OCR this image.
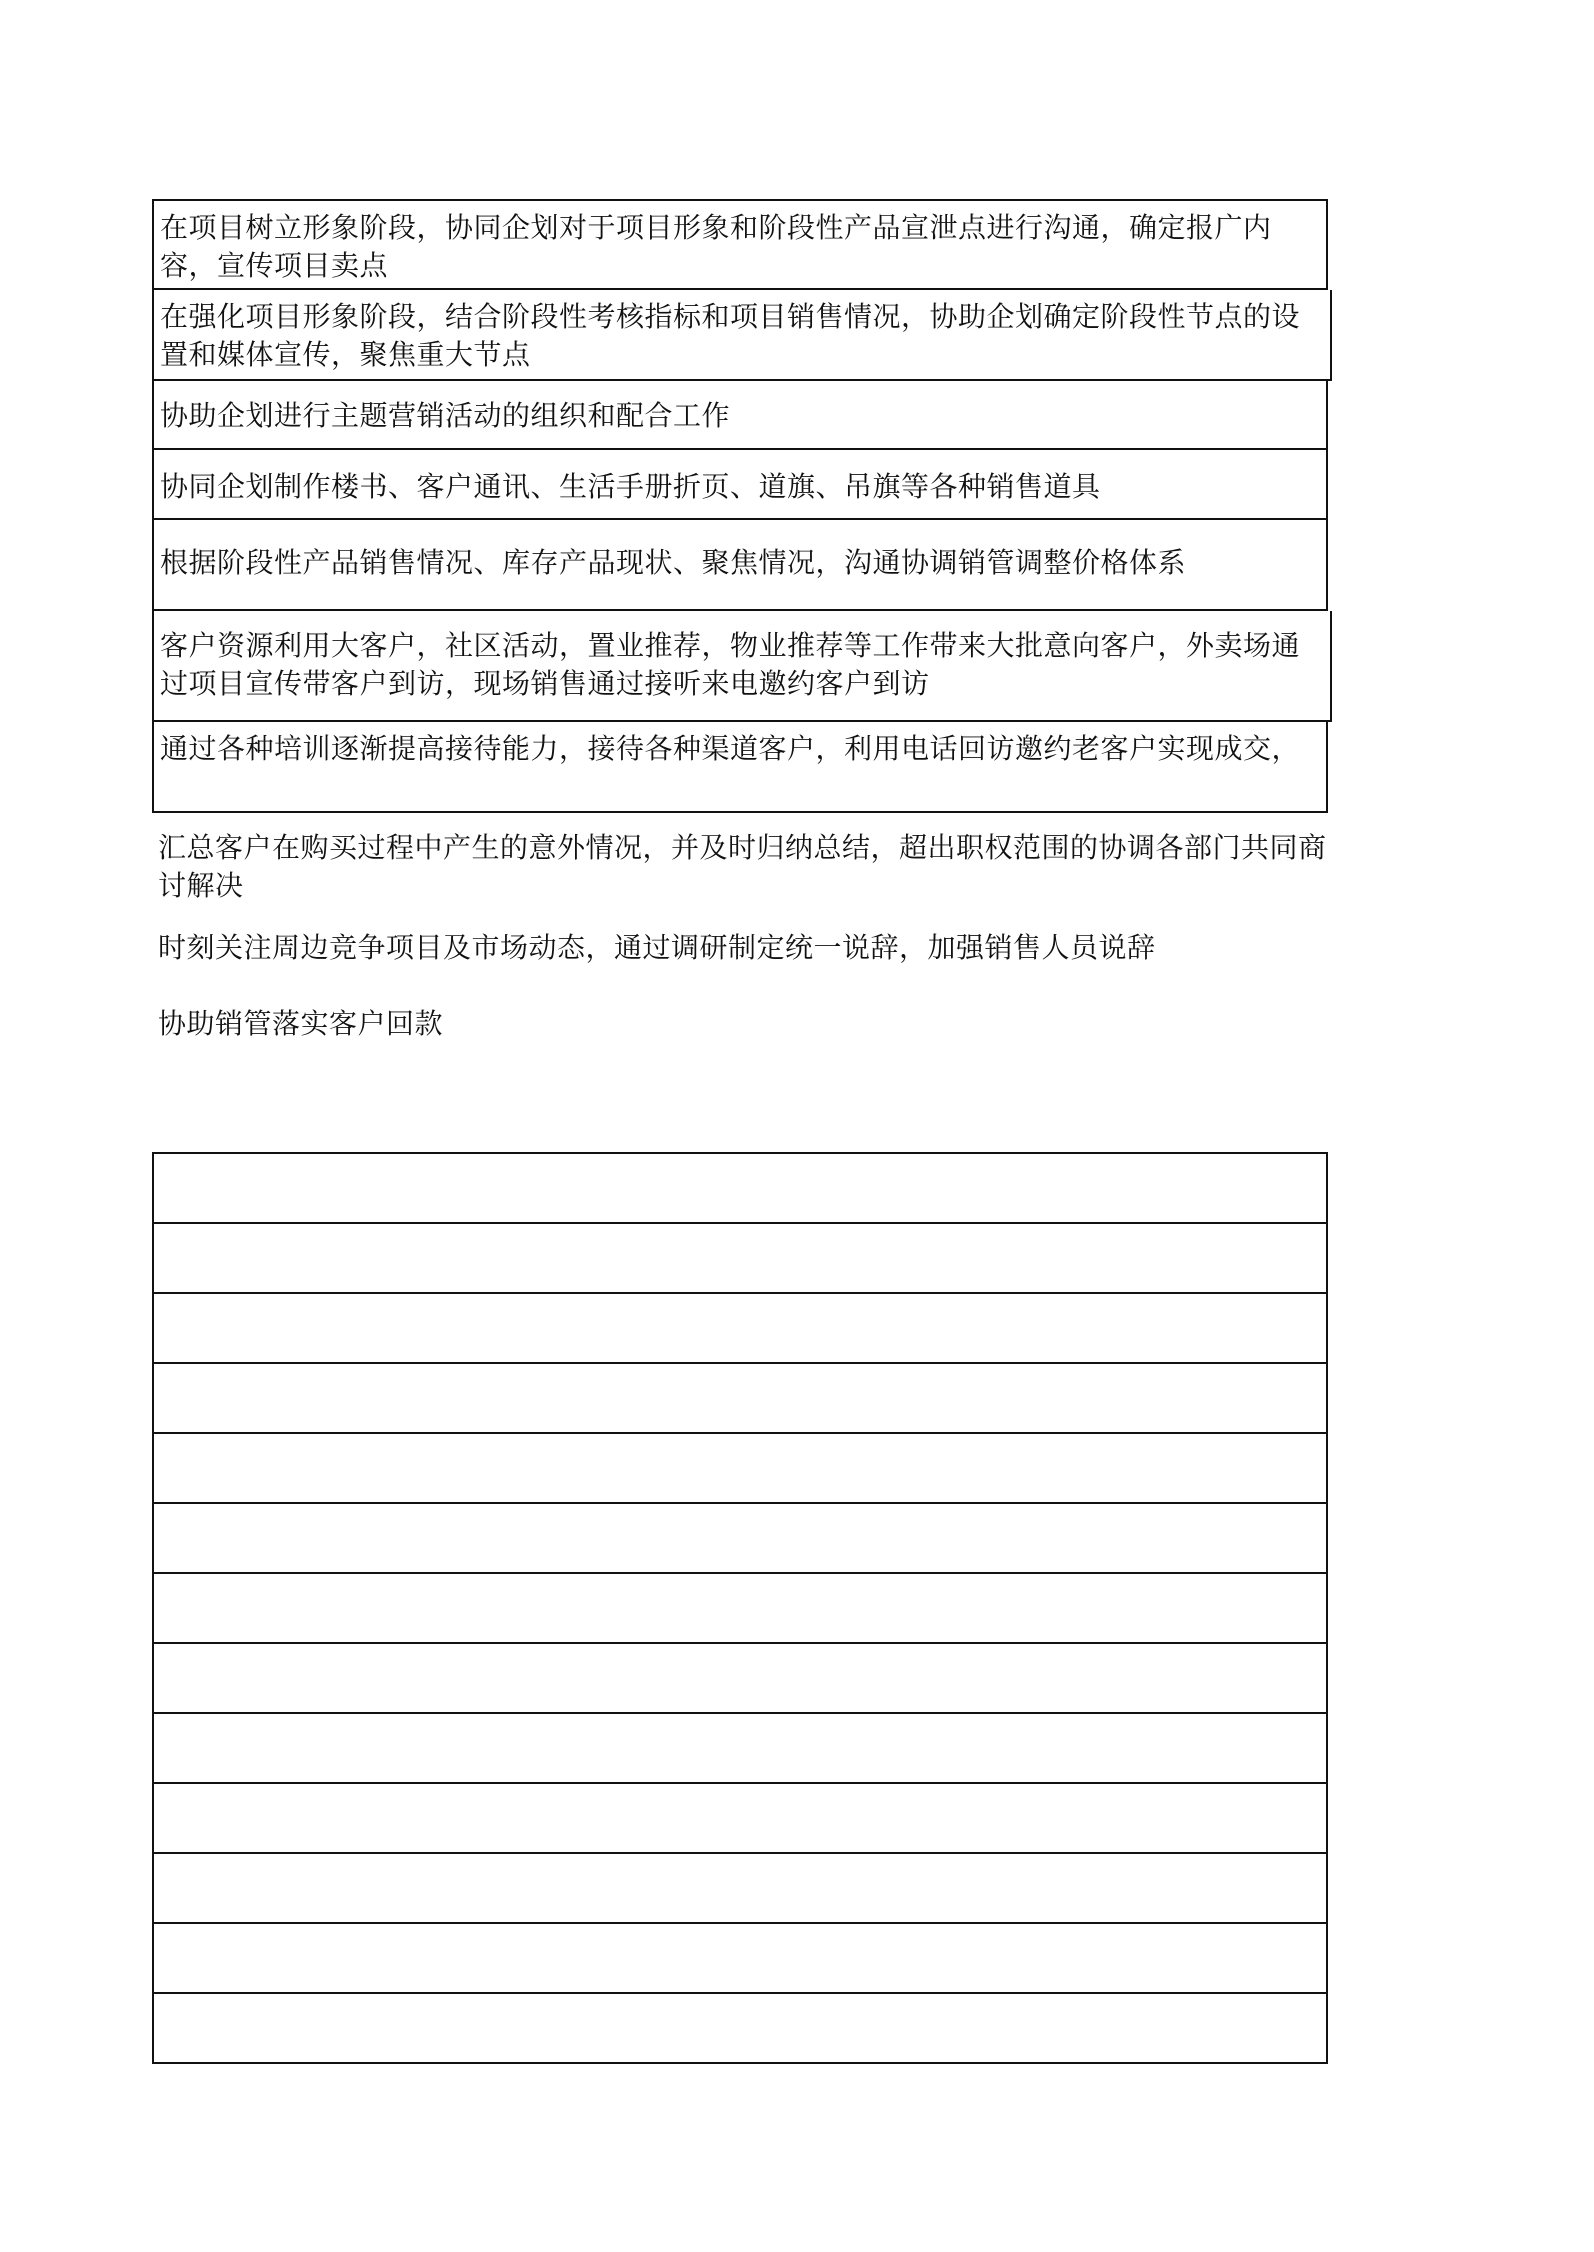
在项目树立形象阶段，协同企划对于项目形象和阶段性产品宣泄点进行沟通，确定报广内容，宣传项目卖点
在强化项目形象阶段，结合阶段性考核指标和项目销售情况，协助企划确定阶段性节点的设置和媒体宣传，聚焦重大节点
协助企划进行主题营销活动的组织和配合工作
协同企划制作楼书、客户通讯、生活手册折页、道旗、吊旗等各种销售道具
根据阶段性产品销售情况、库存产品现状、聚焦情况，沟通协调销管调整价格体系
客户资源利用大客户，社区活动，置业推荐，物业推荐等工作带来大批意向客户，外卖场通过项目宣传带客户到访，现场销售通过接听来电邀约客户到访
通过各种培训逐渐提高接待能力，接待各种渠道客户，利用电话回访邀约老客户实现成交，
汇总客户在购买过程中产生的意外情况，并及时归纳总结，超出职权范围的协调各部门共同商讨解决
时刻关注周边竞争项目及市场动态，通过调研制定统一说辞，加强销售人员说辞
协助销管落实客户回款
